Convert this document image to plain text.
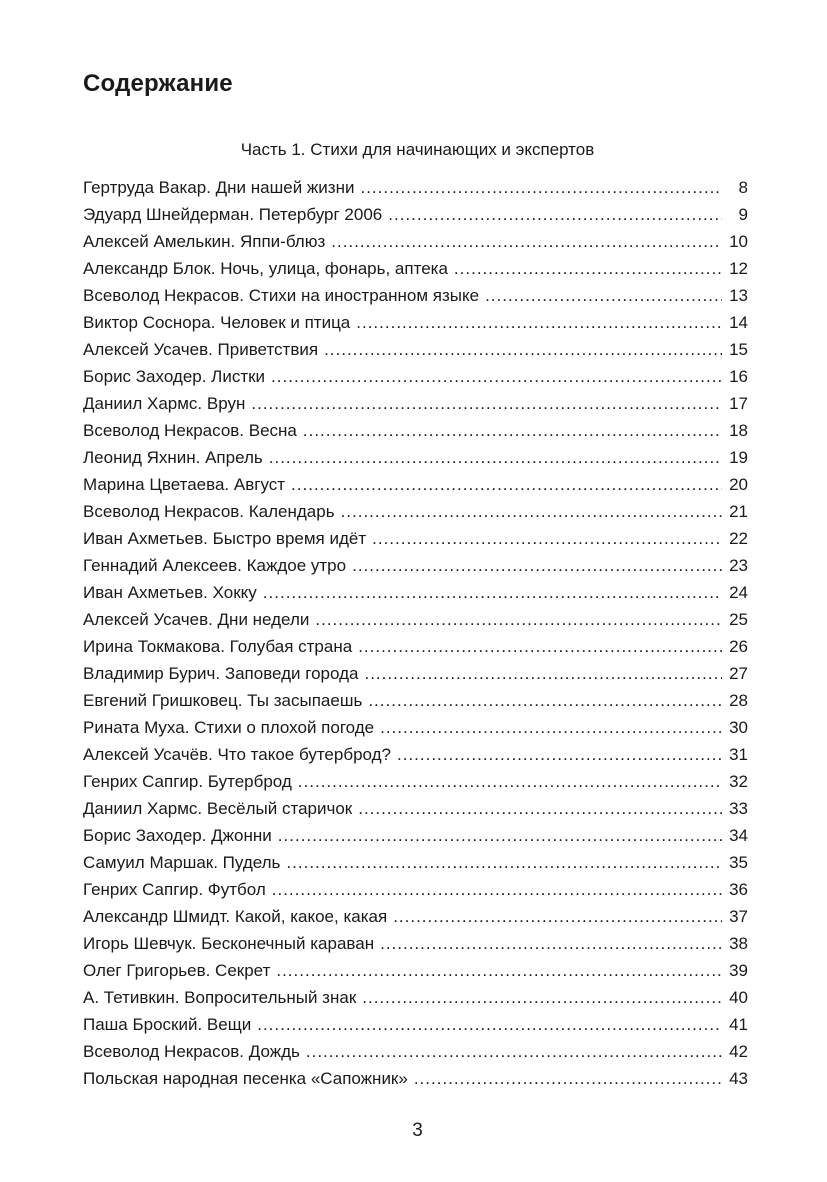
Содержание
Часть 1. Стихи для начинающих и экспертов
Гертруда Вакар. Дни нашей жизни .....	8
Эдуард Шнейдерман. Петербург 2006 .....	9
Алексей Амелькин. Яппи-блюз .....	10
Александр Блок. Ночь, улица, фонарь, аптека .....	12
Всеволод Некрасов. Стихи на иностранном языке .....	13
Виктор Соснора. Человек и птица .....	14
Алексей Усачев. Приветствия .....	15
Борис Заходер. Листки .....	16
Даниил Хармс. Врун .....	17
Всеволод Некрасов. Весна .....	18
Леонид Яхнин. Апрель .....	19
Марина Цветаева. Август .....	20
Всеволод Некрасов. Календарь .....	21
Иван Ахметьев. Быстро время идёт .....	22
Геннадий Алексеев. Каждое утро .....	23
Иван Ахметьев. Хокку .....	24
Алексей Усачев. Дни недели .....	25
Ирина Токмакова. Голубая страна .....	26
Владимир Бурич. Заповеди города .....	27
Евгений Гришковец. Ты засыпаешь .....	28
Рината Муха. Стихи о плохой погоде .....	30
Алексей Усачёв. Что такое бутерброд? .....	31
Генрих Сапгир. Бутерброд .....	32
Даниил Хармс. Весёлый старичок .....	33
Борис Заходер. Джонни .....	34
Самуил Маршак. Пудель .....	35
Генрих Сапгир. Футбол .....	36
Александр Шмидт. Какой, какое, какая .....	37
Игорь Шевчук. Бесконечный караван .....	38
Олег Григорьев. Секрет .....	39
А. Тетивкин. Вопросительный знак .....	40
Паша Броский. Вещи .....	41
Всеволод Некрасов. Дождь .....	42
Польская народная песенка «Сапожник» .....	43
3
